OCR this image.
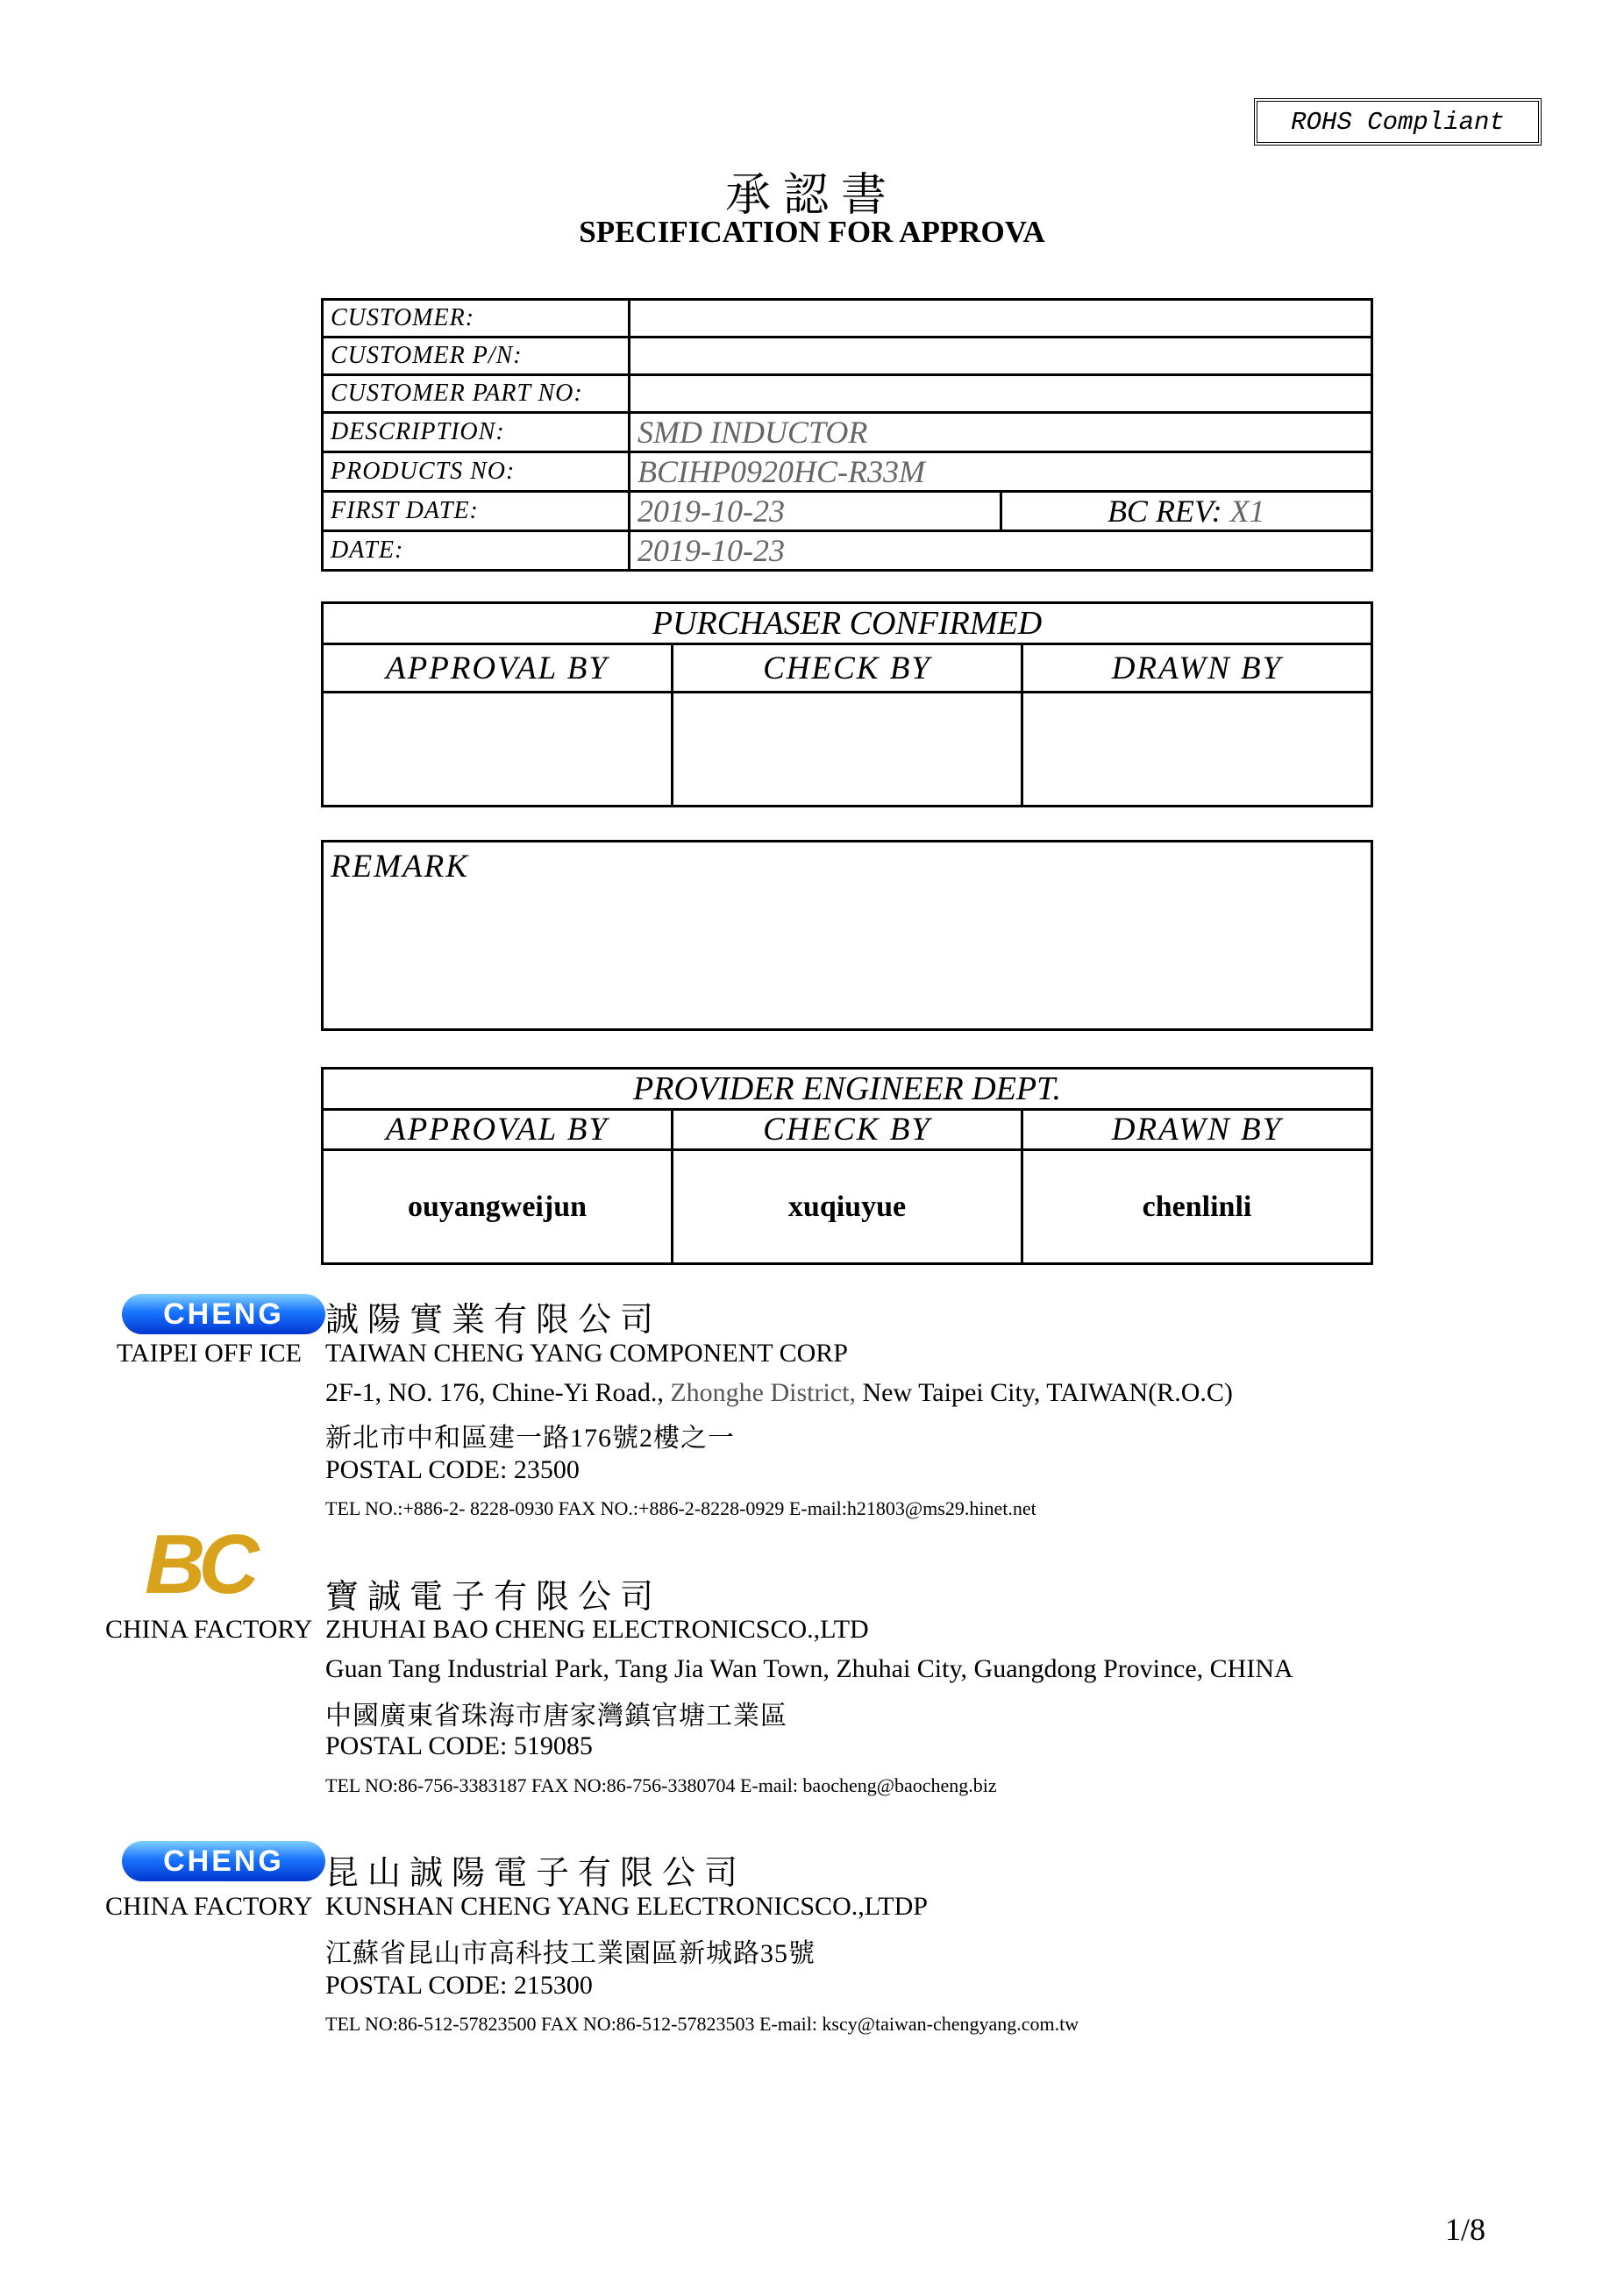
ROHS Compliant
承認書
SPECIFICATION FOR APPROVA
CUSTOMER:		
CUSTOMER P/N:		
CUSTOMER PART NO:		
DESCRIPTION:	SMD INDUCTOR	
PRODUCTS NO:	BCIHP0920HC-R33M	
FIRST DATE:	2019-10-23	BC REV: X1
DATE:	2019-10-23	
PURCHASER CONFIRMED		
APPROVAL BY	CHECK BY	DRAWN BY

REMARK
PROVIDER ENGINEER DEPT.		
APPROVAL BY	CHECK BY	DRAWN BY
ouyangweijun	xuqiuyue	chenlinli
CHENG	誠陽實業有限公司
TAIPEI OFF ICE TAIWAN CHENG YANG COMPONENT CORP
2F-1, NO. 176, Chine-Yi Road., Zhonghe District, New Taipei City, TAIWAN(R.O.C)
新北市中和區建一路176號2樓之一
POSTAL CODE: 23500
TEL NO.:+886-2- 8228-0930 FAX NO.:+886-2-8228-0929 E-mail:h21803@ms29.hinet.net
BC 寶誠電子有限公司
CHINA FACTORY ZHUHAI BAO CHENG ELECTRONICSCO.,LTD
Guan Tang Industrial Park, Tang Jia Wan Town, Zhuhai City, Guangdong Province, CHINA
中國廣東省珠海市唐家灣鎮官塘工業區
POSTAL CODE: 519085
TEL NO:86-756-3383187 FAX NO:86-756-3380704 E-mail: baocheng@baocheng.biz
CHENG	昆山誠陽電子有限公司
CHINA FACTORY KUNSHAN CHENG YANG ELECTRONICSCO.,LTDP
江蘇省昆山市高科技工業園區新城路35號
POSTAL CODE: 215300
TEL NO:86-512-57823500 FAX NO:86-512-57823503 E-mail: kscy@taiwan-chengyang.com.tw
1/8
